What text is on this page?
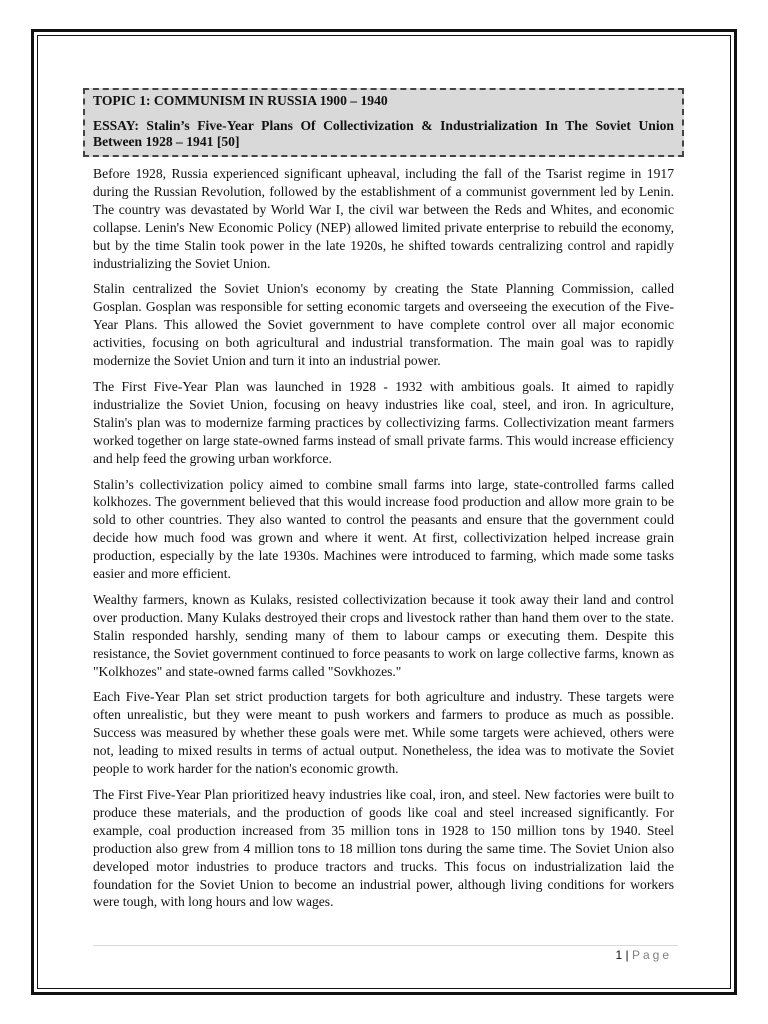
TOPIC 1: COMMUNISM IN RUSSIA 1900 – 1940

ESSAY: Stalin’s Five-Year Plans Of Collectivization & Industrialization In The Soviet Union Between 1928 – 1941 [50]

Before 1928, Russia experienced significant upheaval, including the fall of the Tsarist regime in 1917 during the Russian Revolution, followed by the establishment of a communist government led by Lenin. The country was devastated by World War I, the civil war between the Reds and Whites, and economic collapse. Lenin's New Economic Policy (NEP) allowed limited private enterprise to rebuild the economy, but by the time Stalin took power in the late 1920s, he shifted towards centralizing control and rapidly industrializing the Soviet Union.

Stalin centralized the Soviet Union's economy by creating the State Planning Commission, called Gosplan. Gosplan was responsible for setting economic targets and overseeing the execution of the Five-Year Plans. This allowed the Soviet government to have complete control over all major economic activities, focusing on both agricultural and industrial transformation. The main goal was to rapidly modernize the Soviet Union and turn it into an industrial power.

The First Five-Year Plan was launched in 1928 - 1932 with ambitious goals. It aimed to rapidly industrialize the Soviet Union, focusing on heavy industries like coal, steel, and iron. In agriculture, Stalin's plan was to modernize farming practices by collectivizing farms. Collectivization meant farmers worked together on large state-owned farms instead of small private farms. This would increase efficiency and help feed the growing urban workforce.

Stalin’s collectivization policy aimed to combine small farms into large, state-controlled farms called kolkhozes. The government believed that this would increase food production and allow more grain to be sold to other countries. They also wanted to control the peasants and ensure that the government could decide how much food was grown and where it went. At first, collectivization helped increase grain production, especially by the late 1930s. Machines were introduced to farming, which made some tasks easier and more efficient.

Wealthy farmers, known as Kulaks, resisted collectivization because it took away their land and control over production. Many Kulaks destroyed their crops and livestock rather than hand them over to the state. Stalin responded harshly, sending many of them to labour camps or executing them. Despite this resistance, the Soviet government continued to force peasants to work on large collective farms, known as "Kolkhozes" and state-owned farms called "Sovkhozes."

Each Five-Year Plan set strict production targets for both agriculture and industry. These targets were often unrealistic, but they were meant to push workers and farmers to produce as much as possible. Success was measured by whether these goals were met. While some targets were achieved, others were not, leading to mixed results in terms of actual output. Nonetheless, the idea was to motivate the Soviet people to work harder for the nation's economic growth.

The First Five-Year Plan prioritized heavy industries like coal, iron, and steel. New factories were built to produce these materials, and the production of goods like coal and steel increased significantly. For example, coal production increased from 35 million tons in 1928 to 150 million tons by 1940. Steel production also grew from 4 million tons to 18 million tons during the same time. The Soviet Union also developed motor industries to produce tractors and trucks. This focus on industrialization laid the foundation for the Soviet Union to become an industrial power, although living conditions for workers were tough, with long hours and low wages.

1 | Page
